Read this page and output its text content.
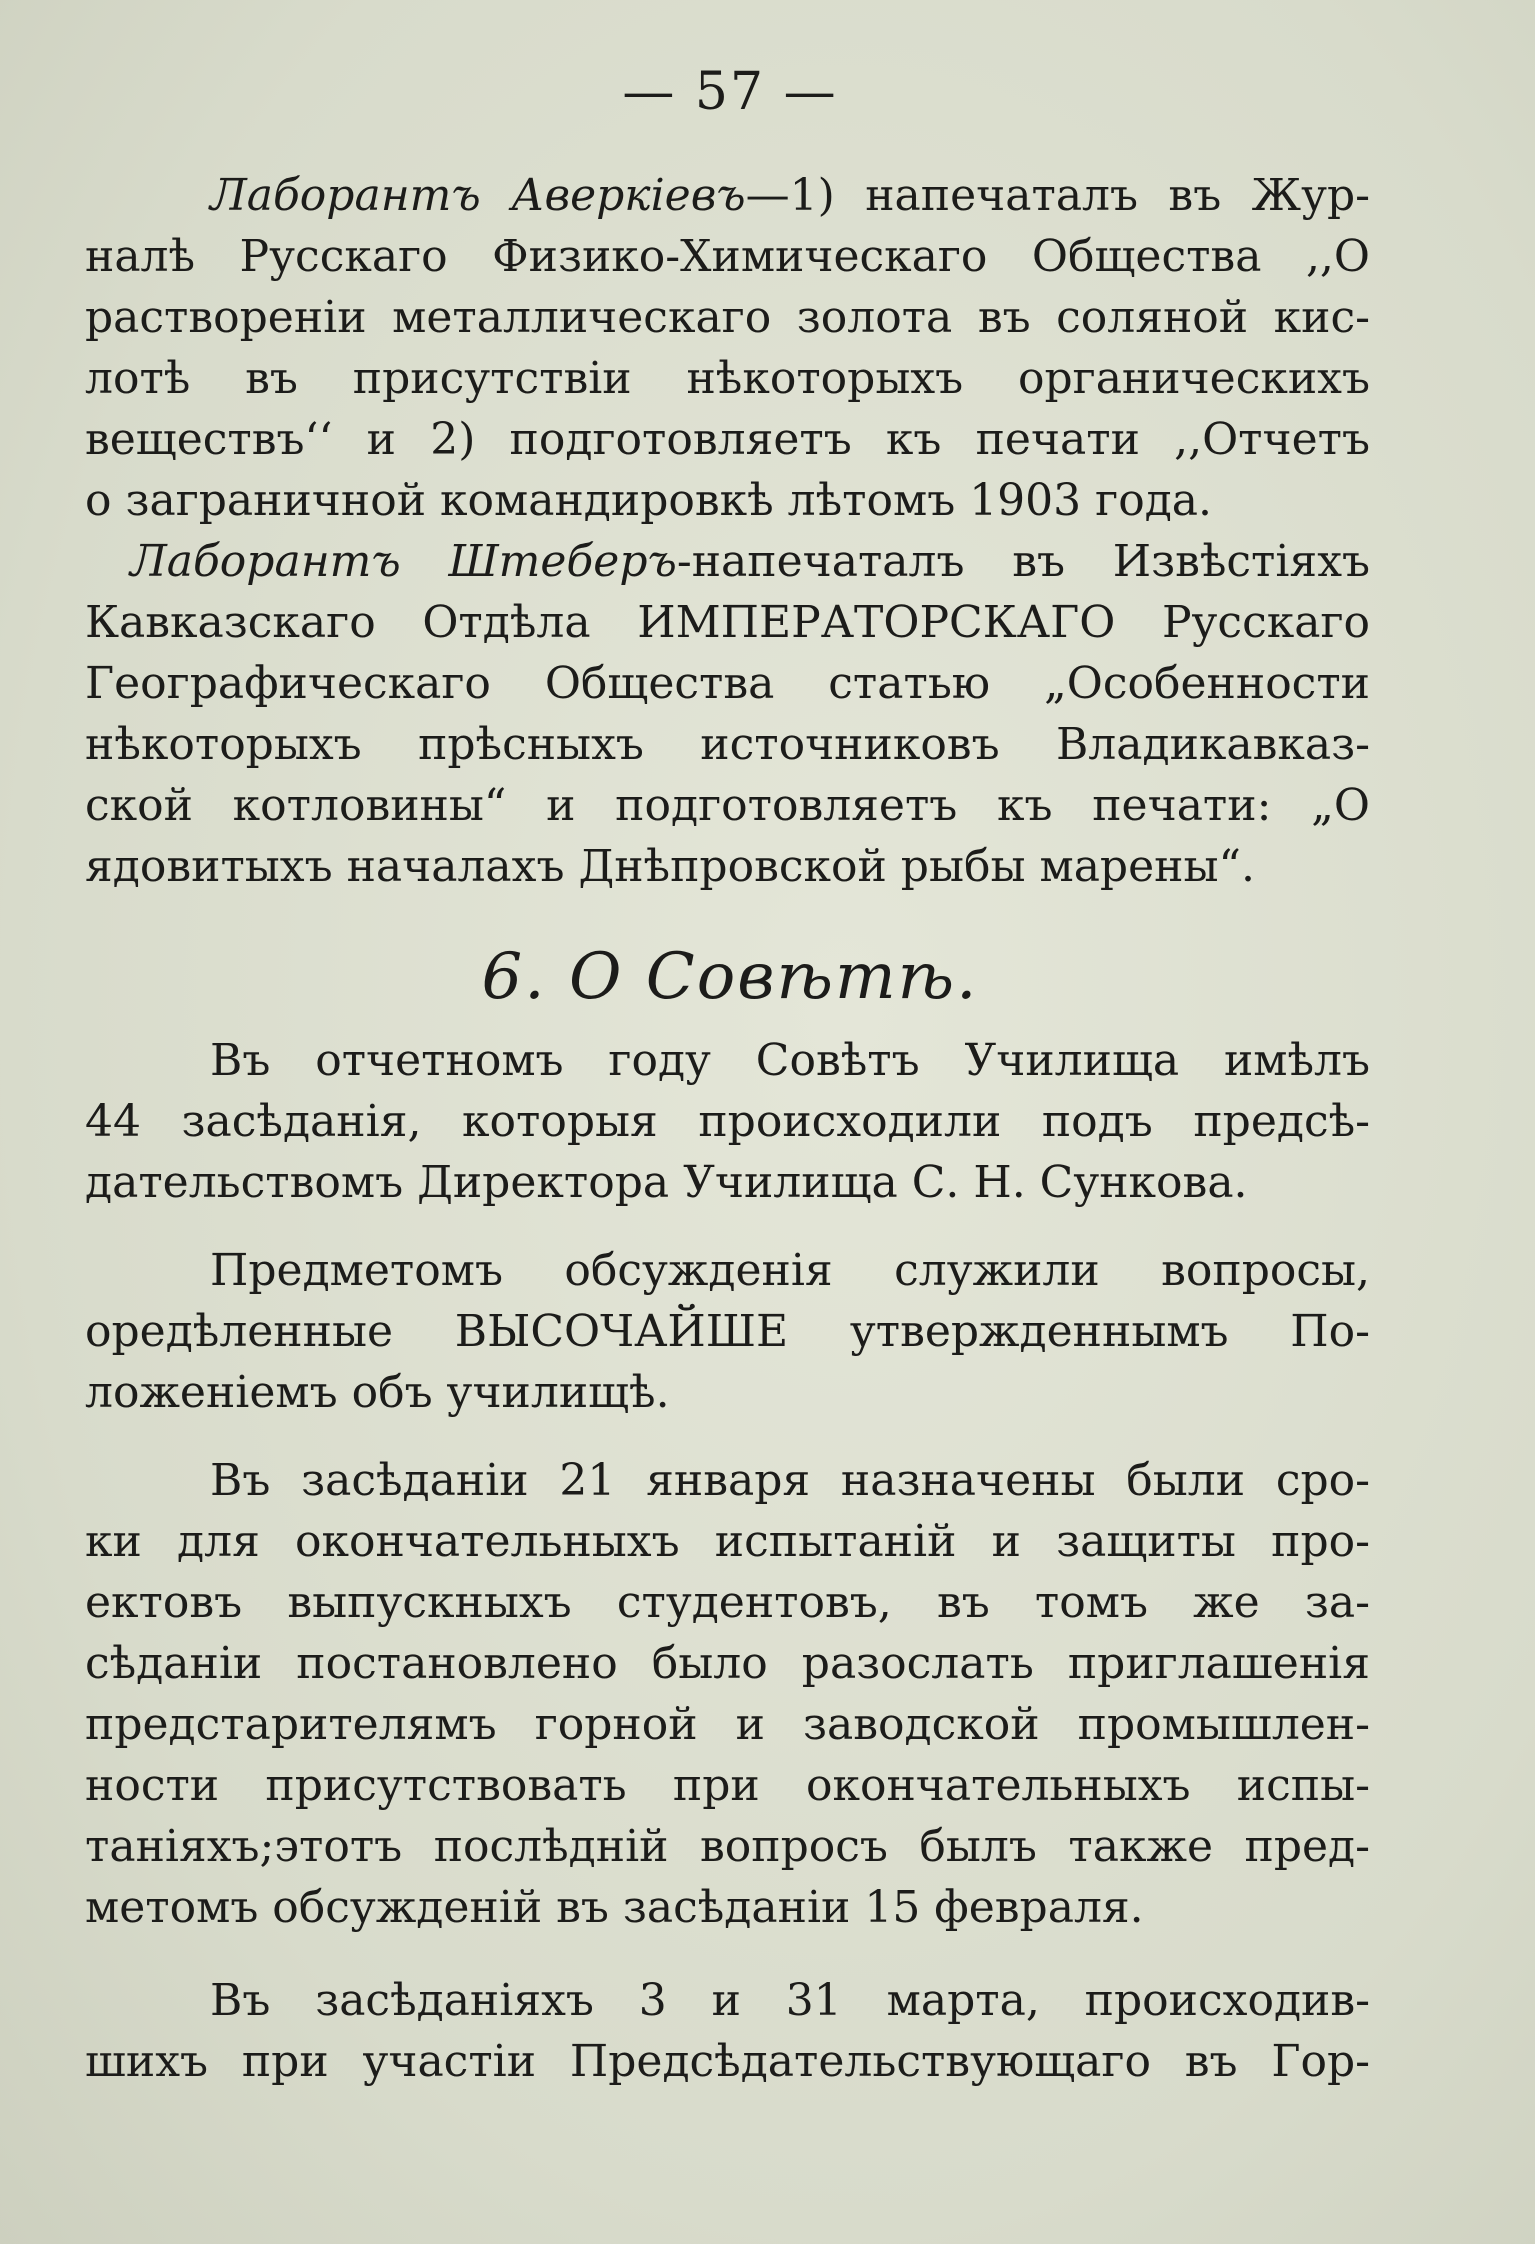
— 57 —
Лаборантъ Аверкіевъ—1) напечаталъ въ Жур-
налѣ Русскаго Физико-Химическаго Общества ,,О
раствореніи металлическаго золота въ соляной кис-
лотѣ въ присутствіи нѣкоторыхъ органическихъ
веществъ‘‘ и 2) подготовляетъ къ печати ,,Отчетъ
о заграничной командировкѣ лѣтомъ 1903 года.
Лаборантъ Штеберъ-напечаталъ въ Извѣстіяхъ
Кавказскаго Отдѣла ИМПЕРАТОРСКАГО Русскаго
Географическаго Общества статью „Особенности
нѣкоторыхъ прѣсныхъ источниковъ Владикавказ-
ской котловины“ и подготовляетъ къ печати: „О
ядовитыхъ началахъ Днѣпровской рыбы марены“.
6. О Совѣтѣ.
Въ отчетномъ году Совѣтъ Училища имѣлъ
44 засѣданія, которыя происходили подъ предсѣ-
дательствомъ Директора Училища С. Н. Сункова.
Предметомъ обсужденія служили вопросы,
оредѣленные ВЫСОЧАЙШЕ утвержденнымъ По-
ложеніемъ объ училищѣ.
Въ засѣданіи 21 января назначены были сро-
ки для окончательныхъ испытаній и защиты про-
ектовъ выпускныхъ студентовъ, въ томъ же за-
сѣданіи постановлено было разослать приглашенія
предстарителямъ горной и заводской промышлен-
ности присутствовать при окончательныхъ испы-
таніяхъ;этотъ послѣдній вопросъ былъ также пред-
метомъ обсужденій въ засѣданіи 15 февраля.
Въ засѣданіяхъ 3 и 31 марта, происходив-
шихъ при участіи Предсѣдательствующаго въ Гор-
